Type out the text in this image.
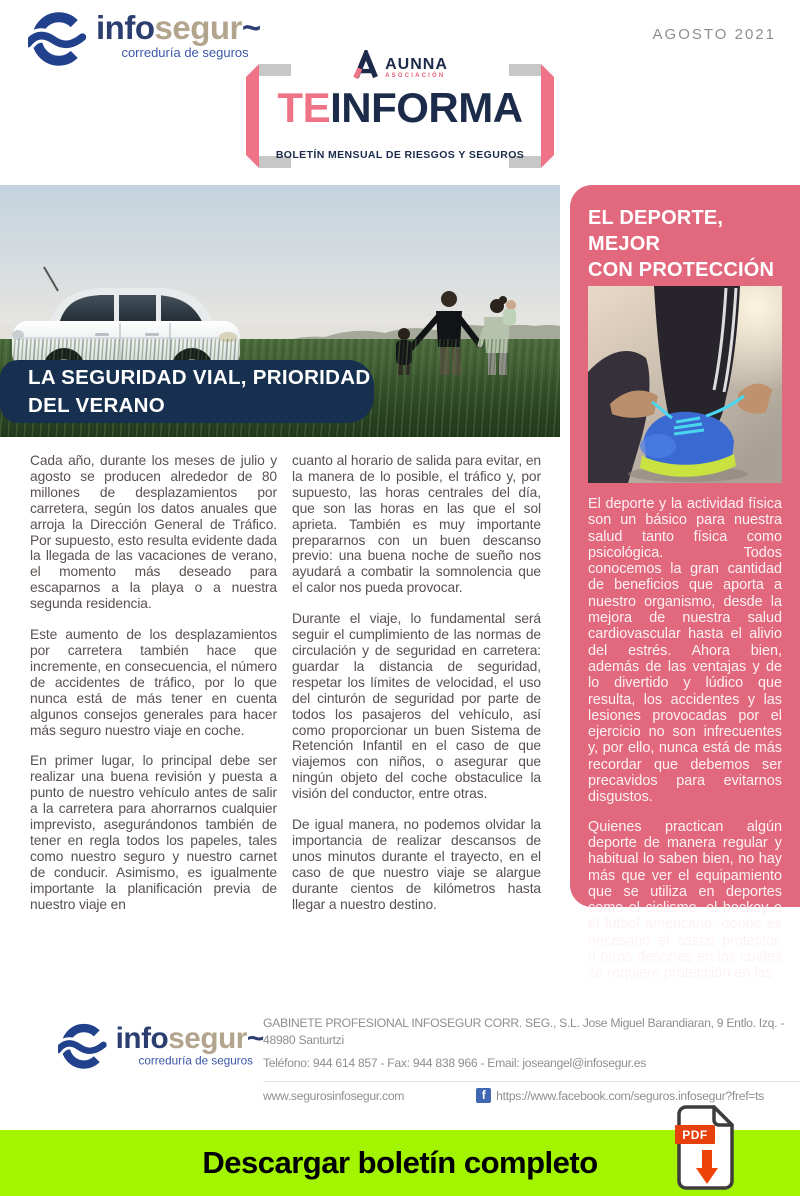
infosegur~
correduría de seguros
AGOSTO 2021
AUNNA
ASOCIACIÓN
TEINFORMA
BOLETÍN MENSUAL DE RIESGOS Y SEGUROS
LA SEGURIDAD VIAL, PRIORIDAD
DEL VERANO

Cada año, durante los meses de julio y agosto se producen alrededor de 80 millones de desplazamientos por carretera, según los datos anuales que arroja la Dirección General de Tráfico. Por supuesto, esto resulta evidente dada la llegada de las vacaciones de verano, el momento más deseado para escaparnos a la playa o a nuestra segunda residencia.

Este aumento de los desplazamientos por carretera también hace que incremente, en consecuencia, el número de accidentes de tráfico, por lo que nunca está de más tener en cuenta algunos consejos generales para hacer más seguro nuestro viaje en coche.

En primer lugar, lo principal debe ser realizar una buena revisión y puesta a punto de nuestro vehículo antes de salir a la carretera para ahorrarnos cualquier imprevisto, asegurándonos también de tener en regla todos los papeles, tales como nuestro seguro y nuestro carnet de conducir. Asimismo, es igualmente importante la planificación previa de nuestro viaje en

cuanto al horario de salida para evitar, en la manera de lo posible, el tráfico y, por supuesto, las horas centrales del día, que son las horas en las que el sol aprieta. También es muy importante prepararnos con un buen descanso previo: una buena noche de sueño nos ayudará a combatir la somnolencia que el calor nos pueda provocar.

Durante el viaje, lo fundamental será seguir el cumplimiento de las normas de circulación y de seguridad en carretera: guardar la distancia de seguridad, respetar los límites de velocidad, el uso del cinturón de seguridad por parte de todos los pasajeros del vehículo, así como proporcionar un buen Sistema de Retención Infantil en el caso de que viajemos con niños, o asegurar que ningún objeto del coche obstaculice la visión del conductor, entre otras.

De igual manera, no podemos olvidar la importancia de realizar descansos de unos minutos durante el trayecto, en el caso de que nuestro viaje se alargue durante cientos de kilómetros hasta llegar a nuestro destino.

EL DEPORTE, MEJOR
CON PROTECCIÓN

El deporte y la actividad física son un básico para nuestra salud tanto física como psicológica. Todos conocemos la gran cantidad de beneficios que aporta a nuestro organismo, desde la mejora de nuestra salud cardiovascular hasta el alivio del estrés. Ahora bien, además de las ventajas y de lo divertido y lúdico que resulta, los accidentes y las lesiones provocadas por el ejercicio no son infrecuentes y, por ello, nunca está de más recordar que debemos ser precavidos para evitarnos disgustos.

Quienes practican algún deporte de manera regular y habitual lo saben bien, no hay más que ver el equipamiento que se utiliza en deportes como el ciclismo, el hockey o el fútbol americano, donde es necesario el casco protector, u otros deportes en los cuales se requiere protección en las

infosegur~
correduría de seguros
GABINETE PROFESIONAL INFOSEGUR CORR. SEG., S.L. Jose Miguel Barandiaran, 9 Entlo. Izq. - 48980 Santurtzi
Teléfono: 944 614 857 - Fax: 944 838 966 - Email: joseangel@infosegur.es
www.segurosinfosegur.com	f https://www.facebook.com/seguros.infosegur?fref=ts
Descargar boletín completo
PDF
